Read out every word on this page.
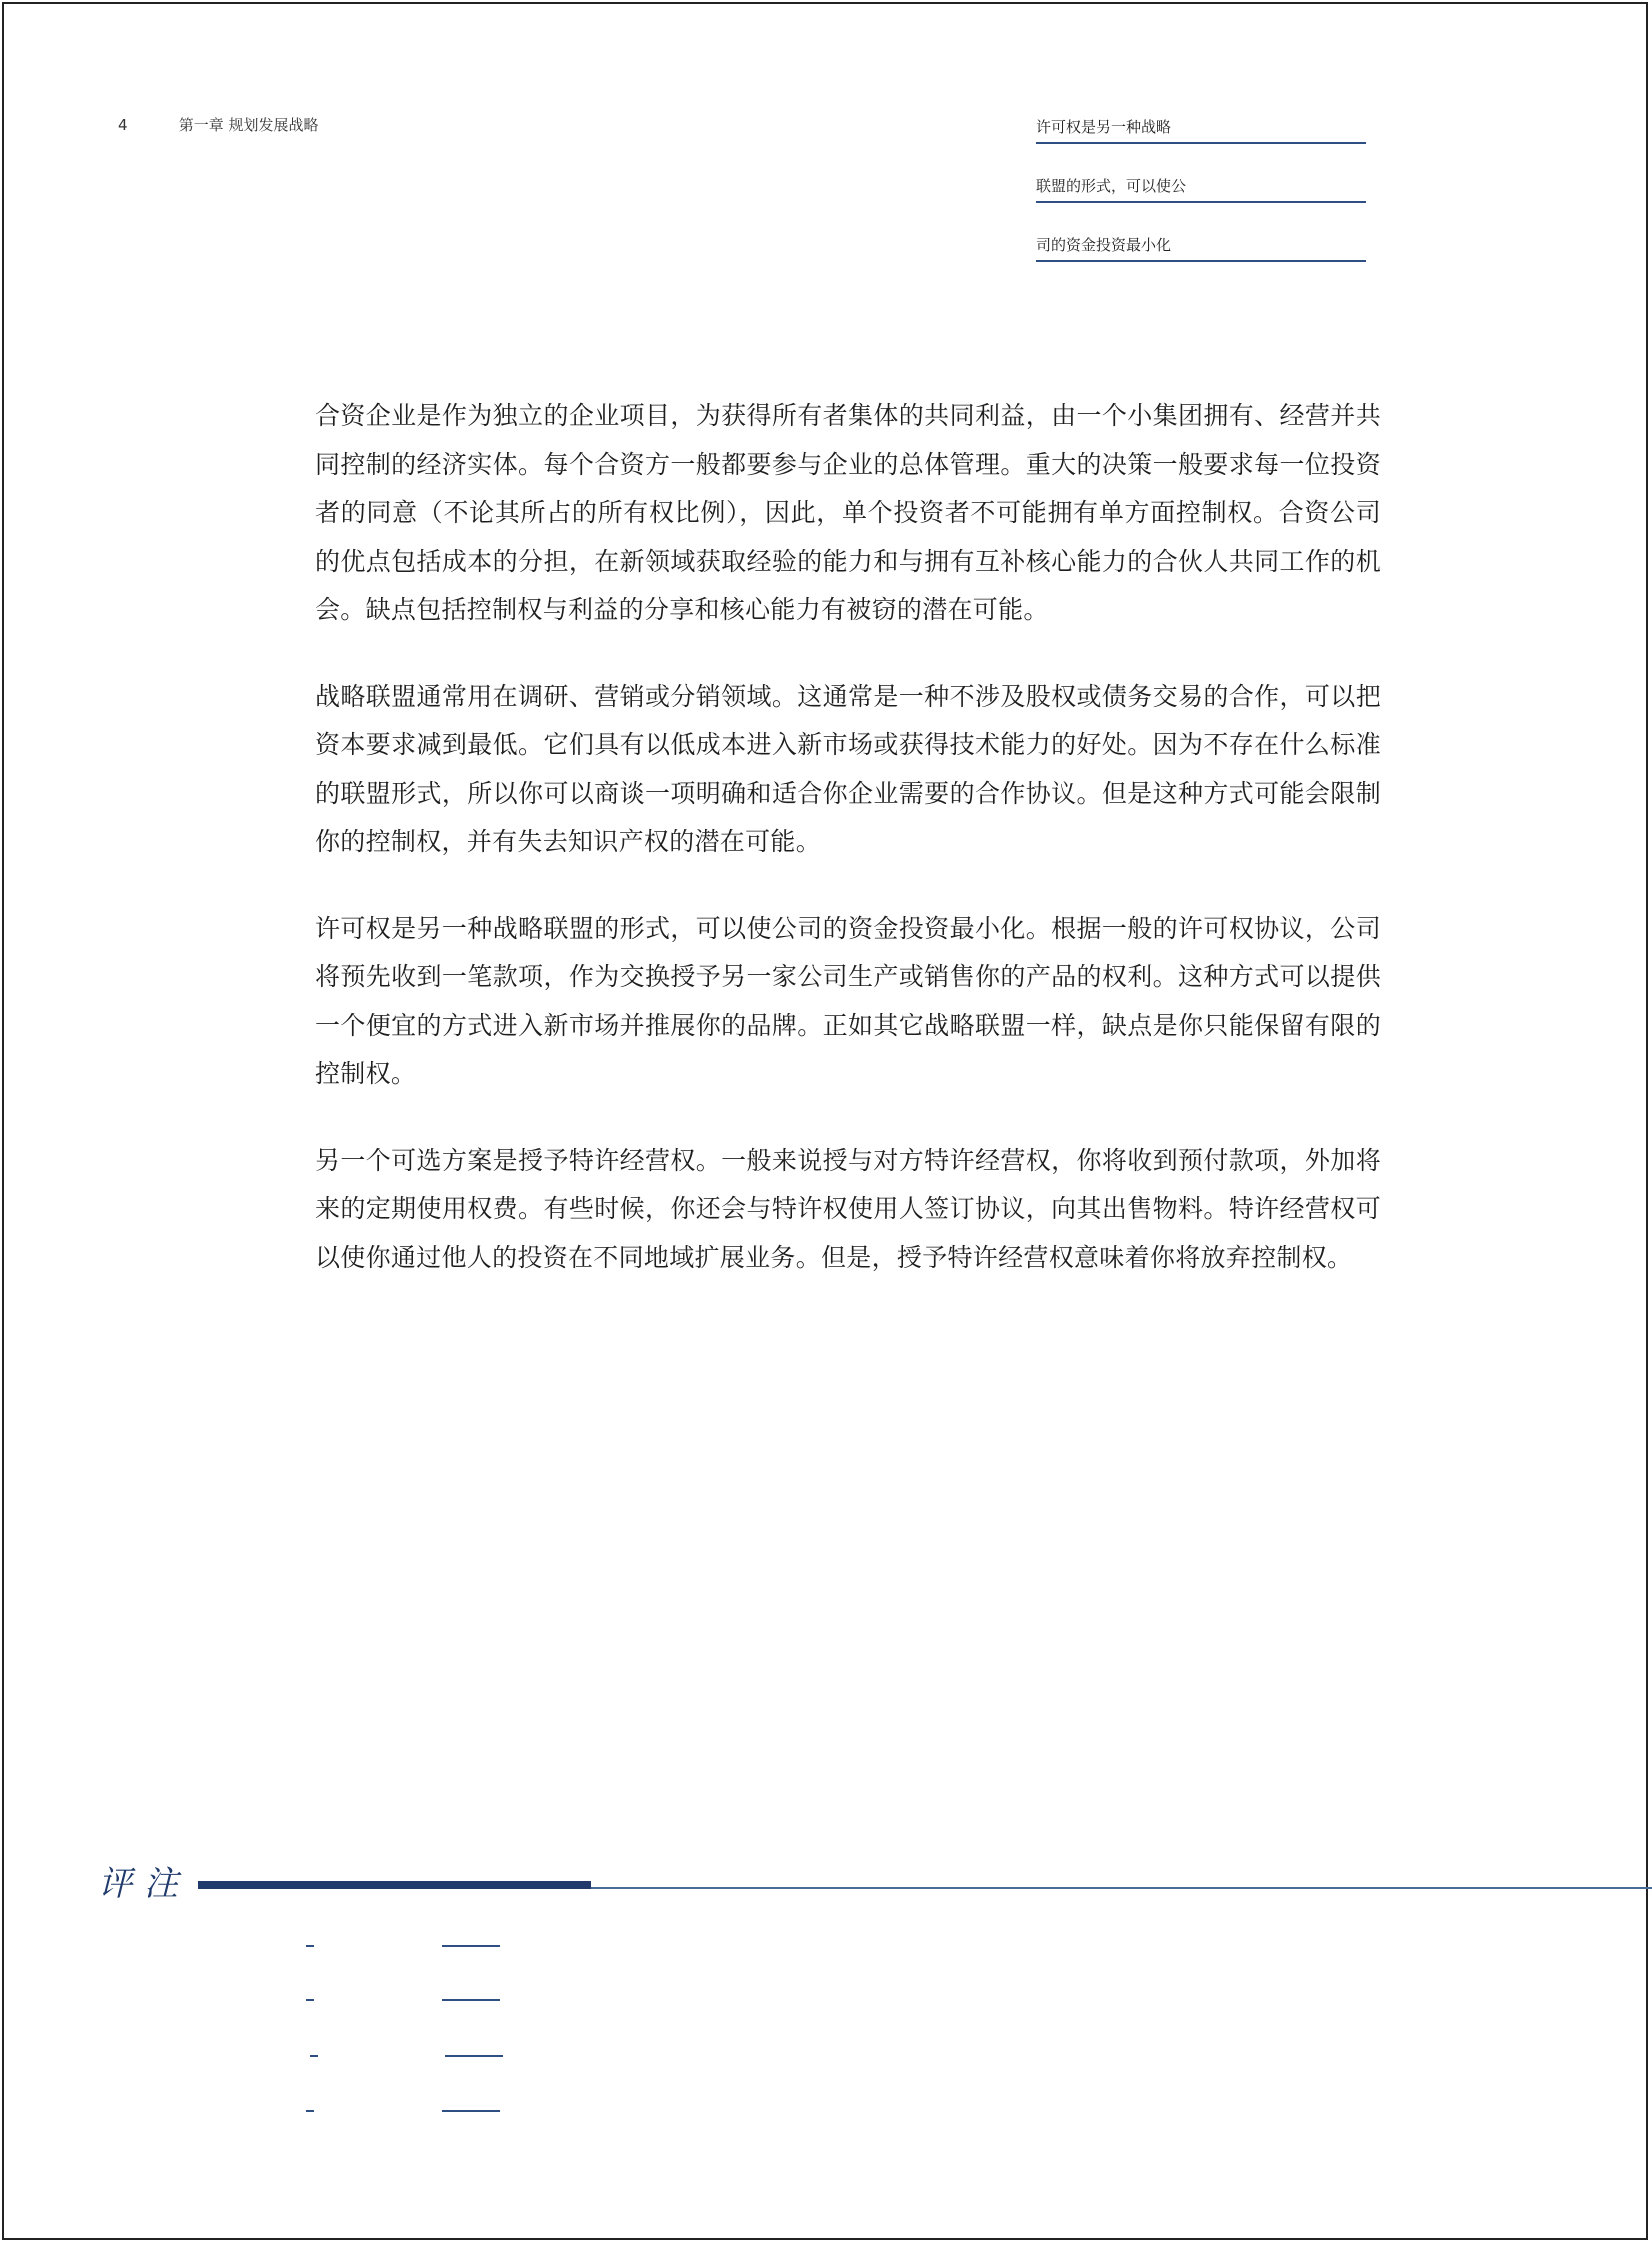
4	第一章 规划发展战略	许可权是另一种战略
联盟的形式，可以使公
司的资金投资最小化

合资企业是作为独立的企业项目，为获得所有者集体的共同利益，由一个小集团拥有、经营并共同控制的经济实体。每个合资方一般都要参与企业的总体管理。重大的决策一般要求每一位投资者的同意（不论其所占的所有权比例），因此，单个投资者不可能拥有单方面控制权。合资公司的优点包括成本的分担，在新领域获取经验的能力和与拥有互补核心能力的合伙人共同工作的机会。缺点包括控制权与利益的分享和核心能力有被窃的潜在可能。

战略联盟通常用在调研、营销或分销领域。这通常是一种不涉及股权或债务交易的合作，可以把资本要求减到最低。它们具有以低成本进入新市场或获得技术能力的好处。因为不存在什么标准的联盟形式，所以你可以商谈一项明确和适合你企业需要的合作协议。但是这种方式可能会限制你的控制权，并有失去知识产权的潜在可能。

许可权是另一种战略联盟的形式，可以使公司的资金投资最小化。根据一般的许可权协议，公司将预先收到一笔款项，作为交换授予另一家公司生产或销售你的产品的权利。这种方式可以提供一个便宜的方式进入新市场并推展你的品牌。正如其它战略联盟一样，缺点是你只能保留有限的控制权。

另一个可选方案是授予特许经营权。一般来说授与对方特许经营权，你将收到预付款项，外加将来的定期使用权费。有些时候，你还会与特许权使用人签订协议，向其出售物料。特许经营权可以使你通过他人的投资在不同地域扩展业务。但是，授予特许经营权意味着你将放弃控制权。

评注
